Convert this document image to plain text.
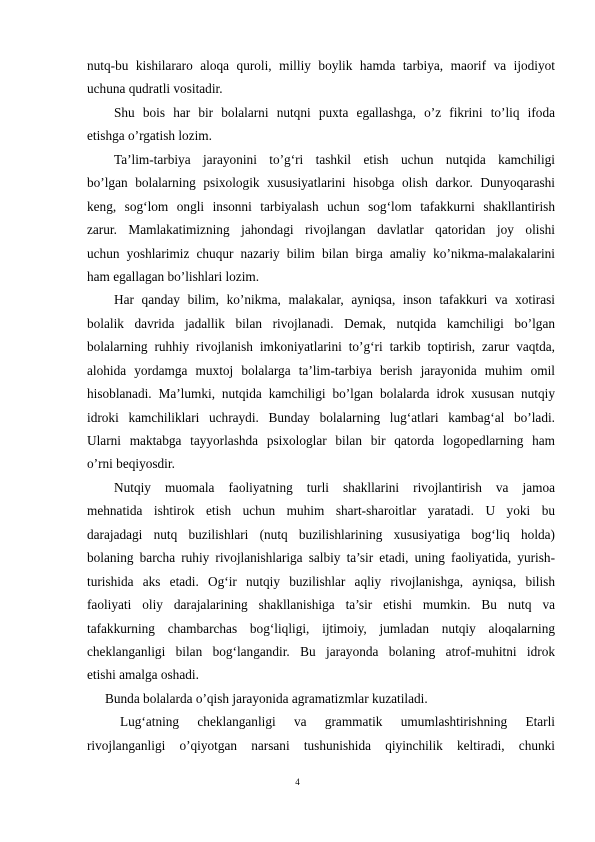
nutq-bu kishilararo aloqa quroli, milliy boylik hamda tarbiya, maorif va ijodiyot
uchuna qudratli vositadir.
Shu bois har bir bolalarni nutqni puxta egallashga, o’z fikrini to’liq ifoda
etishga o’rgatish lozim.
Ta’lim-tarbiya jarayonini to’g‘ri tashkil etish uchun nutqida kamchiligi
bo’lgan bolalarning psixologik xususiyatlarini hisobga olish darkor. Dunyoqarashi
keng, sog‘lom ongli insonni tarbiyalash uchun sog‘lom tafakkurni shakllantirish
zarur. Mamlakatimizning jahondagi rivojlangan davlatlar qatoridan joy olishi
uchun yoshlarimiz chuqur nazariy bilim bilan birga amaliy ko’nikma-malakalarini
ham egallagan bo’lishlari lozim.
Har qanday bilim, ko’nikma, malakalar, ayniqsa, inson tafakkuri va xotirasi
bolalik davrida jadallik bilan rivojlanadi. Demak, nutqida kamchiligi bo’lgan
bolalarning ruhhiy rivojlanish imkoniyatlarini to’g‘ri tarkib toptirish, zarur vaqtda,
alohida yordamga muxtoj bolalarga ta’lim-tarbiya berish jarayonida muhim omil
hisoblanadi. Ma’lumki, nutqida kamchiligi bo’lgan bolalarda idrok xususan nutqiy
idroki kamchiliklari uchraydi. Bunday bolalarning lug‘atlari kambag‘al bo’ladi.
Ularni maktabga tayyorlashda psixologlar bilan bir qatorda logopedlarning ham
o’rni beqiyosdir.
Nutqiy muomala faoliyatning turli shakllarini rivojlantirish va jamoa
mehnatida ishtirok etish uchun muhim shart-sharoitlar yaratadi. U yoki bu
darajadagi nutq buzilishlari (nutq buzilishlarining xususiyatiga bog‘liq holda)
bolaning barcha ruhiy rivojlanishlariga salbiy ta’sir etadi, uning faoliyatida, yurish-
turishida aks etadi. Og‘ir nutqiy buzilishlar aqliy rivojlanishga, ayniqsa, bilish
faoliyati oliy darajalarining shakllanishiga ta’sir etishi mumkin. Bu nutq va
tafakkurning chambarchas bog‘liqligi, ijtimoiy, jumladan nutqiy aloqalarning
cheklanganligi bilan bog‘langandir. Bu jarayonda bolaning atrof-muhitni idrok
etishi amalga oshadi.
Bunda bolalarda o’qish jarayonida agramatizmlar kuzatiladi.
Lug‘atning cheklanganligi va grammatik umumlashtirishning Etarli
rivojlanganligi o’qiyotgan narsani tushunishida qiyinchilik keltiradi, chunki
4
